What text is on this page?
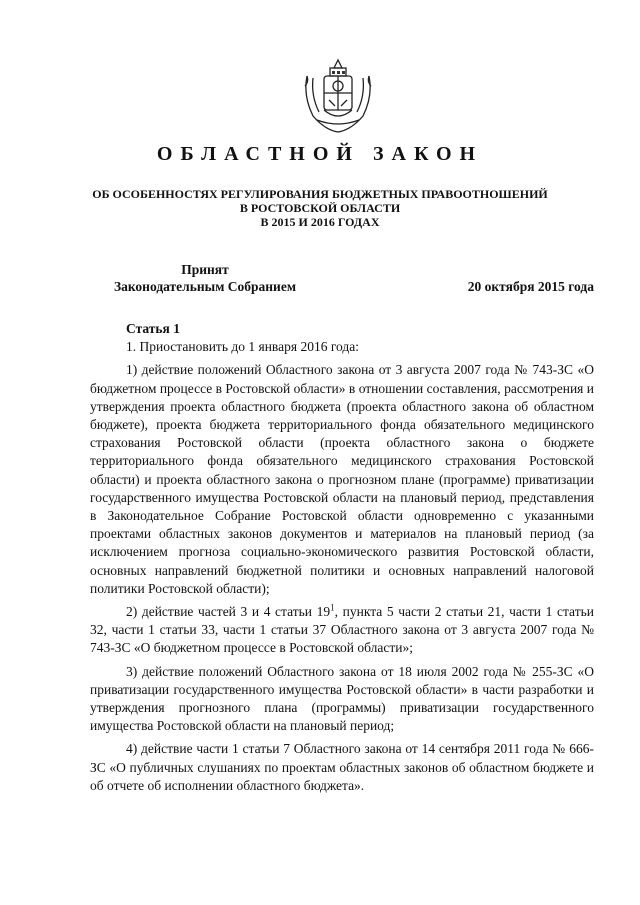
ОБЛАСТНОЙ ЗАКОН
ОБ ОСОБЕННОСТЯХ РЕГУЛИРОВАНИЯ БЮДЖЕТНЫХ ПРАВООТНОШЕНИЙ
В РОСТОВСКОЙ ОБЛАСТИ
В 2015 И 2016 ГОДАХ
Принят
Законодательным Собранием	20 октября 2015 года

Статья 1

1. Приостановить до 1 января 2016 года:

1) действие положений Областного закона от 3 августа 2007 года № 743-ЗС «О бюджетном процессе в Ростовской области» в отношении составления, рассмотрения и утверждения проекта областного бюджета (проекта областного закона об областном бюджете), проекта бюджета территориального фонда обязательного медицинского страхования Ростовской области (проекта областного закона о бюджете территориального фонда обязательного медицинского страхования Ростовской области) и проекта областного закона о прогнозном плане (программе) приватизации государственного имущества Ростовской области на плановый период, представления в Законодательное Собрание Ростовской области одновременно с указанными проектами областных законов документов и материалов на плановый период (за исключением прогноза социально-экономического развития Ростовской области, основных направлений бюджетной политики и основных направлений налоговой политики Ростовской области);

2) действие частей 3 и 4 статьи $19^1$, пункта 5 части 2 статьи 21, части 1 статьи 32, части 1 статьи 33, части 1 статьи 37 Областного закона от 3 августа 2007 года № 743-ЗС «О бюджетном процессе в Ростовской области»;

3) действие положений Областного закона от 18 июля 2002 года № 255-ЗС «О приватизации государственного имущества Ростовской области» в части разработки и утверждения прогнозного плана (программы) приватизации государственного имущества Ростовской области на плановый период;

4) действие части 1 статьи 7 Областного закона от 14 сентября 2011 года № 666-ЗС «О публичных слушаниях по проектам областных законов об областном бюджете и об отчете об исполнении областного бюджета».
